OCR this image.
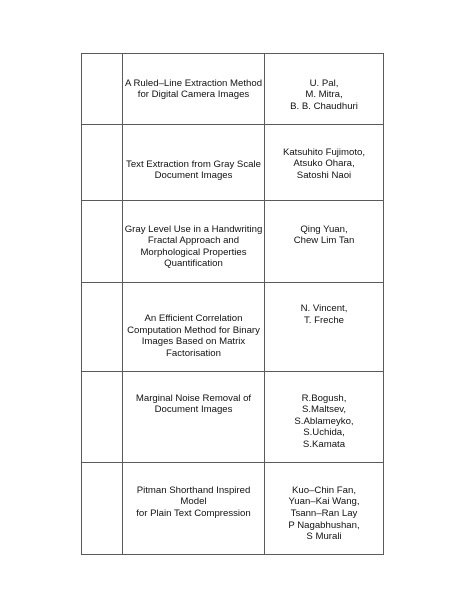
	A Ruled–Line Extraction Method
for Digital Camera Images	U. Pal,
M. Mitra,
B. B. Chaudhuri

	Text Extraction from Gray Scale
Document Images	Katsuhito Fujimoto,
Atsuko Ohara,
Satoshi Naoi

	Gray Level Use in a Handwriting
Fractal Approach and
Morphological Properties
Quantification	Qing Yuan,
Chew Lim Tan

	An Efficient Correlation
Computation Method for Binary
Images Based on Matrix
Factorisation	N. Vincent,
T. Freche

	Marginal Noise Removal of
Document Images	R.Bogush,
S.Maltsev,
S.Ablameyko,
S.Uchida,
S.Kamata

	Pitman Shorthand Inspired Model
for Plain Text Compression	Kuo–Chin Fan,
Yuan–Kai Wang,
Tsann–Ran Lay
P Nagabhushan,
S Murali
